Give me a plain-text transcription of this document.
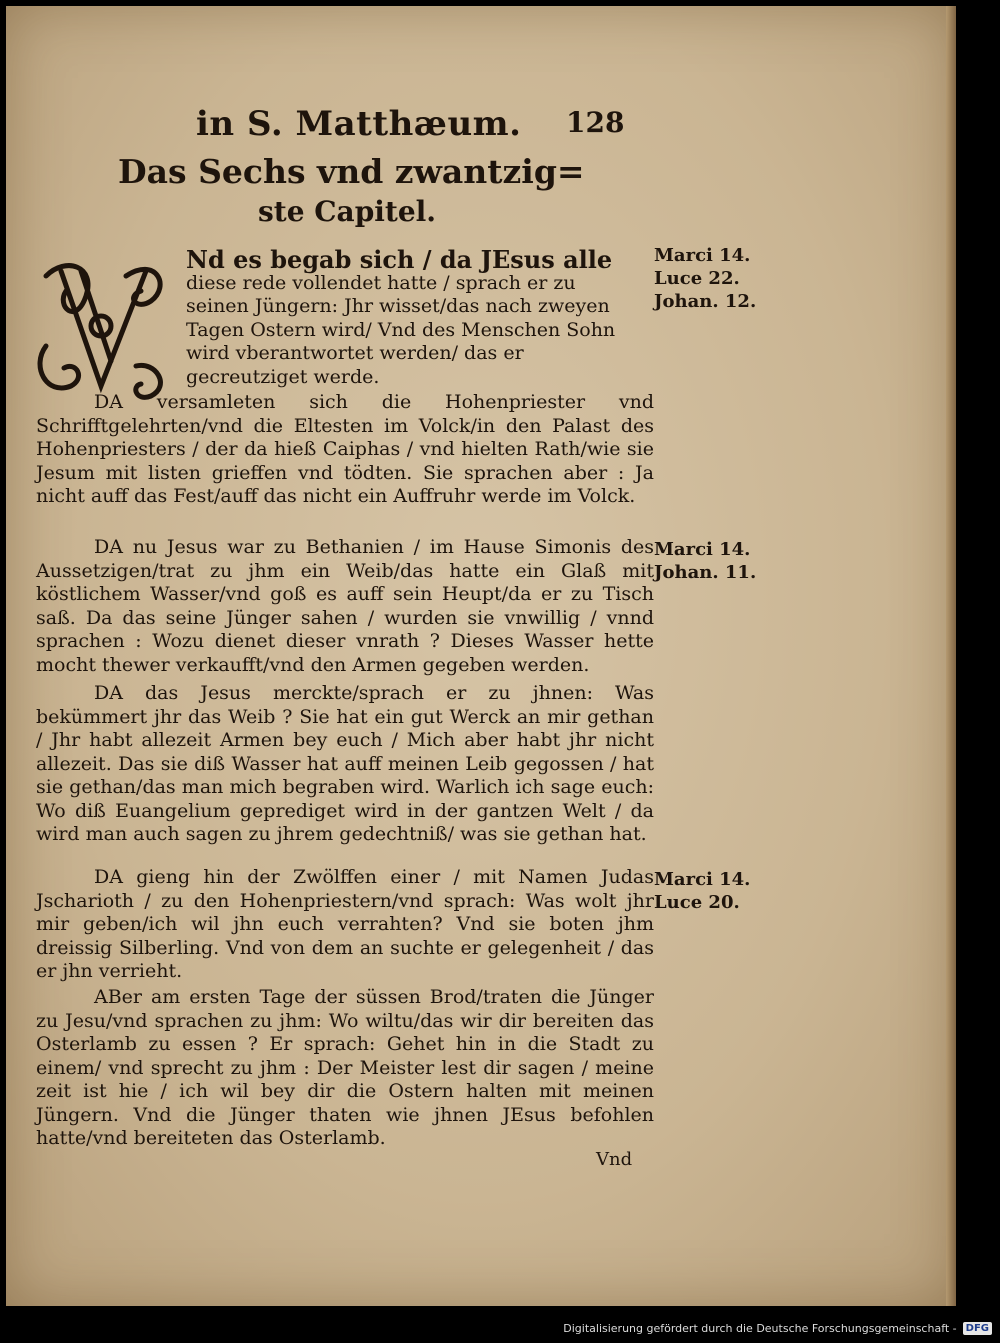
in S. Matthæum. 128
Das Sechs vnd zwantzig=
ste Capitel.
Nd es begab sich / da JEsus alle
diese rede vollendet hatte / sprach er zu seinen Jüngern: Jhr wisset/das nach zweyen Tagen Ostern wird/ Vnd des Menschen Sohn wird vberantwortet werden/ das er gecreutziget werde.

DA versamleten sich die Hohenpriester vnd Schrifftgelehrten/vnd die Eltesten im Volck/in den Palast des Hohenpriesters / der da hieß Caiphas / vnd hielten Rath/wie sie Jesum mit listen grieffen vnd tödten. Sie sprachen aber : Ja nicht auff das Fest/auff das nicht ein Auffruhr werde im Volck.

DA nu Jesus war zu Bethanien / im Hause Simonis des Aussetzigen/trat zu jhm ein Weib/das hatte ein Glaß mit köstlichem Wasser/vnd goß es auff sein Heupt/da er zu Tisch saß. Da das seine Jünger sahen / wurden sie vnwillig / vnnd sprachen : Wozu dienet dieser vnrath ? Dieses Wasser hette mocht thewer verkaufft/vnd den Armen gegeben werden.

DA das Jesus merckte/sprach er zu jhnen: Was bekümmert jhr das Weib ? Sie hat ein gut Werck an mir gethan / Jhr habt allezeit Armen bey euch / Mich aber habt jhr nicht allezeit. Das sie diß Wasser hat auff meinen Leib gegossen / hat sie gethan/das man mich begraben wird. Warlich ich sage euch: Wo diß Euangelium geprediget wird in der gantzen Welt / da wird man auch sagen zu jhrem gedechtniß/ was sie gethan hat.

DA gieng hin der Zwölffen einer / mit Namen Judas Jscharioth / zu den Hohenpriestern/vnd sprach: Was wolt jhr mir geben/ich wil jhn euch verrahten? Vnd sie boten jhm dreissig Silberling. Vnd von dem an suchte er gelegenheit / das er jhn verrieht.

ABer am ersten Tage der süssen Brod/traten die Jünger zu Jesu/vnd sprachen zu jhm: Wo wiltu/das wir dir bereiten das Osterlamb zu essen ? Er sprach: Gehet hin in die Stadt zu einem/ vnd sprecht zu jhm : Der Meister lest dir sagen / meine zeit ist hie / ich wil bey dir die Ostern halten mit meinen Jüngern. Vnd die Jünger thaten wie jhnen JEsus befohlen hatte/vnd bereiteten das Osterlamb.

Marci 14.
Luce 22.
Johan. 12.
Marci 14.
Johan. 11.
Marci 14.
Luce 20.
Vnd
Digitalisierung gefördert durch die Deutsche Forschungsgemeinschaft - DFG
